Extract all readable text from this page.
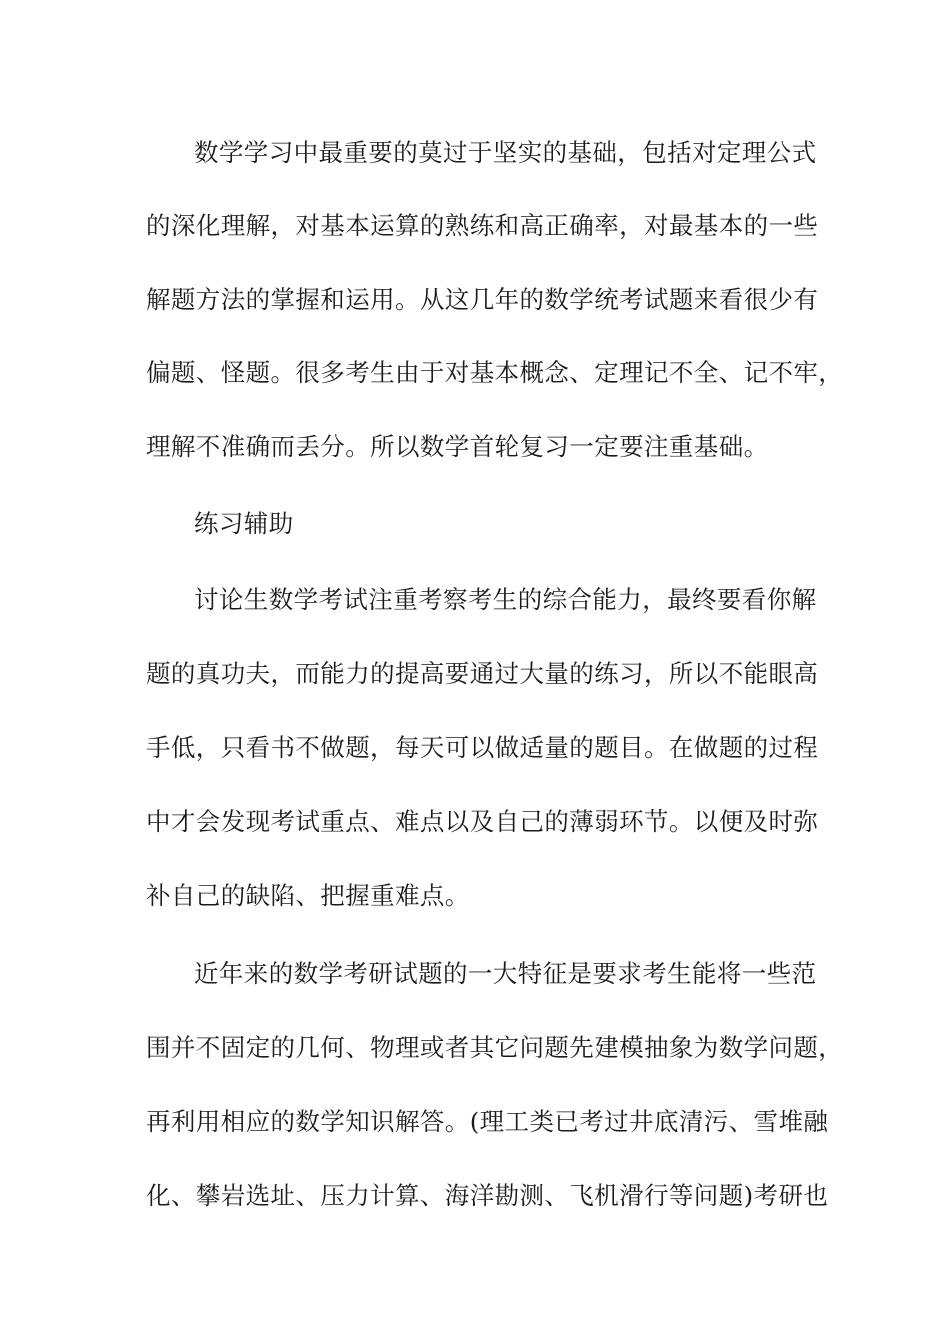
数学学习中最重要的莫过于坚实的基础，包括对定理公式
的深化理解，对基本运算的熟练和高正确率，对最基本的一些
解题方法的掌握和运用。从这几年的数学统考试题来看很少有
偏题、怪题。很多考生由于对基本概念、定理记不全、记不牢，
理解不准确而丢分。所以数学首轮复习一定要注重基础。
练习辅助
讨论生数学考试注重考察考生的综合能力，最终要看你解
题的真功夫，而能力的提高要通过大量的练习，所以不能眼高
手低，只看书不做题，每天可以做适量的题目。在做题的过程
中才会发现考试重点、难点以及自己的薄弱环节。以便及时弥
补自己的缺陷、把握重难点。
近年来的数学考研试题的一大特征是要求考生能将一些范
围并不固定的几何、物理或者其它问题先建模抽象为数学问题，
再利用相应的数学知识解答。(理工类已考过井底清污、雪堆融
化、攀岩选址、压力计算、海洋勘测、飞机滑行等问题)考研也
